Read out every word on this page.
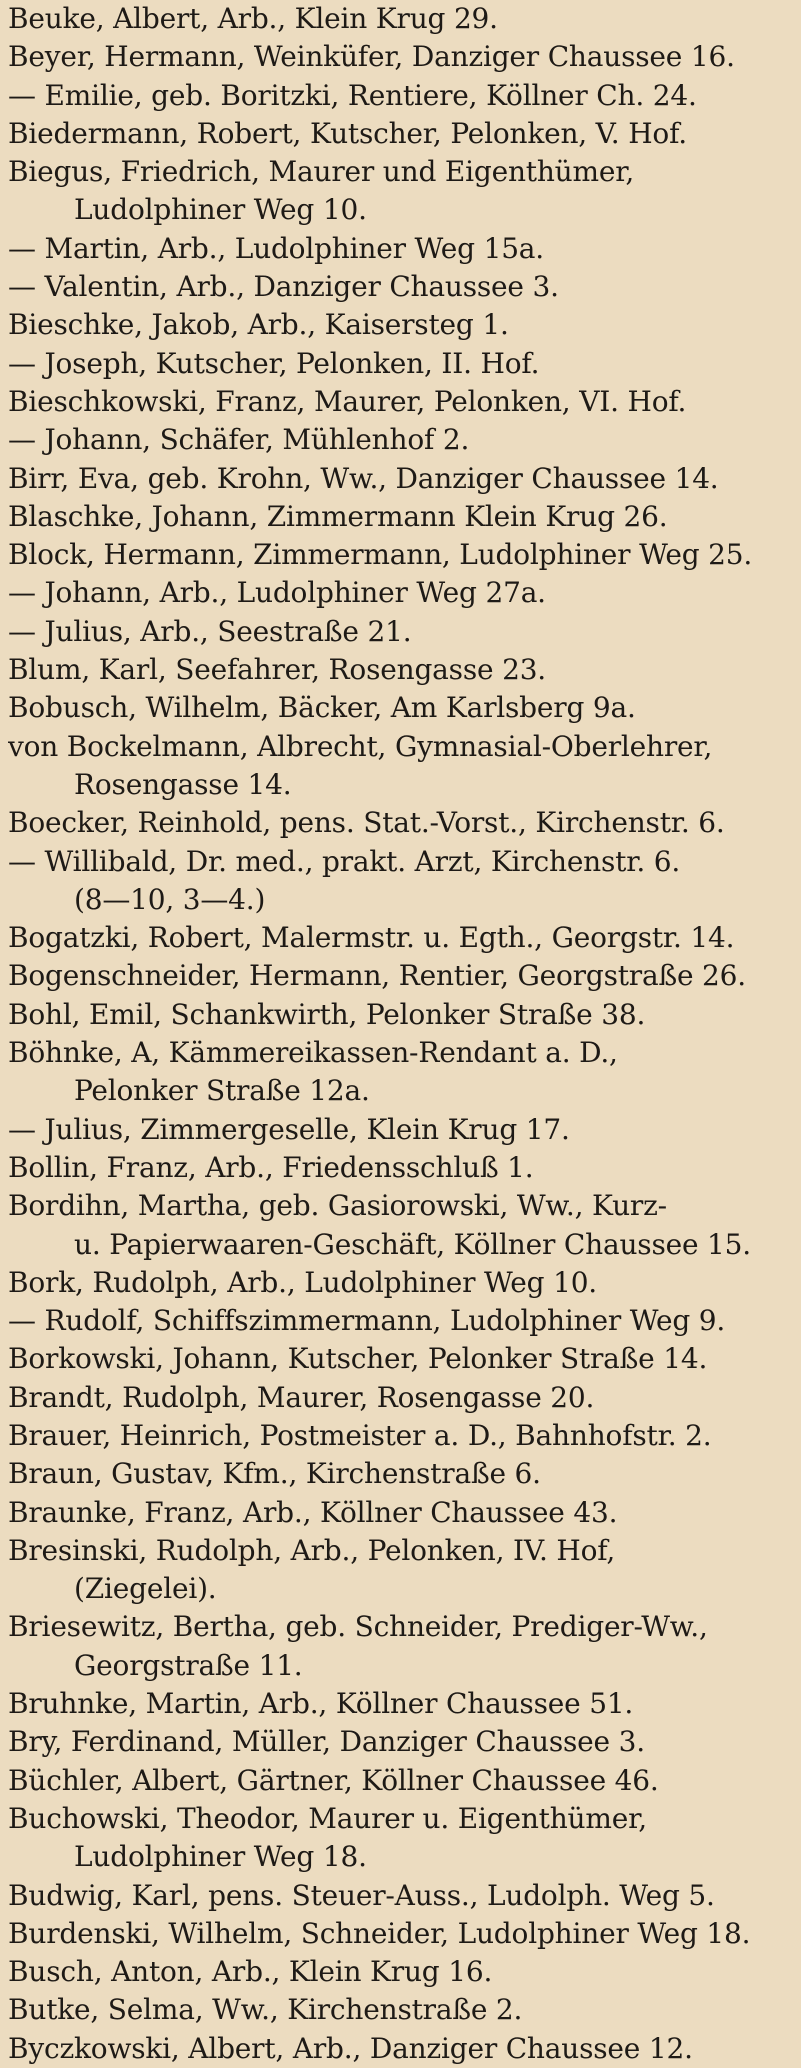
Beuke, Albert, Arb., Klein Krug 29.
Beyer, Hermann, Weinküfer, Danziger Chaussee 16.
— Emilie, geb. Boritzki, Rentiere, Köllner Ch. 24.
Biedermann, Robert, Kutscher, Pelonken, V. Hof.
Biegus, Friedrich, Maurer und Eigenthümer,
Ludolphiner Weg 10.
— Martin, Arb., Ludolphiner Weg 15a.
— Valentin, Arb., Danziger Chaussee 3.
Bieschke, Jakob, Arb., Kaisersteg 1.
— Joseph, Kutscher, Pelonken, II. Hof.
Bieschkowski, Franz, Maurer, Pelonken, VI. Hof.
— Johann, Schäfer, Mühlenhof 2.
Birr, Eva, geb. Krohn, Ww., Danziger Chaussee 14.
Blaschke, Johann, Zimmermann Klein Krug 26.
Block, Hermann, Zimmermann, Ludolphiner Weg 25.
— Johann, Arb., Ludolphiner Weg 27a.
— Julius, Arb., Seestraße 21.
Blum, Karl, Seefahrer, Rosengasse 23.
Bobusch, Wilhelm, Bäcker, Am Karlsberg 9a.
von Bockelmann, Albrecht, Gymnasial-Oberlehrer,
Rosengasse 14.
Boecker, Reinhold, pens. Stat.-Vorst., Kirchenstr. 6.
— Willibald, Dr. med., prakt. Arzt, Kirchenstr. 6.
(8—10, 3—4.)
Bogatzki, Robert, Malermstr. u. Egth., Georgstr. 14.
Bogenschneider, Hermann, Rentier, Georgstraße 26.
Bohl, Emil, Schankwirth, Pelonker Straße 38.
Böhnke, A, Kämmereikassen-Rendant a. D.,
Pelonker Straße 12a.
— Julius, Zimmergeselle, Klein Krug 17.
Bollin, Franz, Arb., Friedensschluß 1.
Bordihn, Martha, geb. Gasiorowski, Ww., Kurz-
u. Papierwaaren-Geschäft, Köllner Chaussee 15.
Bork, Rudolph, Arb., Ludolphiner Weg 10.
— Rudolf, Schiffszimmermann, Ludolphiner Weg 9.
Borkowski, Johann, Kutscher, Pelonker Straße 14.
Brandt, Rudolph, Maurer, Rosengasse 20.
Brauer, Heinrich, Postmeister a. D., Bahnhofstr. 2.
Braun, Gustav, Kfm., Kirchenstraße 6.
Braunke, Franz, Arb., Köllner Chaussee 43.
Bresinski, Rudolph, Arb., Pelonken, IV. Hof,
(Ziegelei).
Briesewitz, Bertha, geb. Schneider, Prediger-Ww.,
Georgstraße 11.
Bruhnke, Martin, Arb., Köllner Chaussee 51.
Bry, Ferdinand, Müller, Danziger Chaussee 3.
Büchler, Albert, Gärtner, Köllner Chaussee 46.
Buchowski, Theodor, Maurer u. Eigenthümer,
Ludolphiner Weg 18.
Budwig, Karl, pens. Steuer-Auss., Ludolph. Weg 5.
Burdenski, Wilhelm, Schneider, Ludolphiner Weg 18.
Busch, Anton, Arb., Klein Krug 16.
Butke, Selma, Ww., Kirchenstraße 2.
Byczkowski, Albert, Arb., Danziger Chaussee 12.
